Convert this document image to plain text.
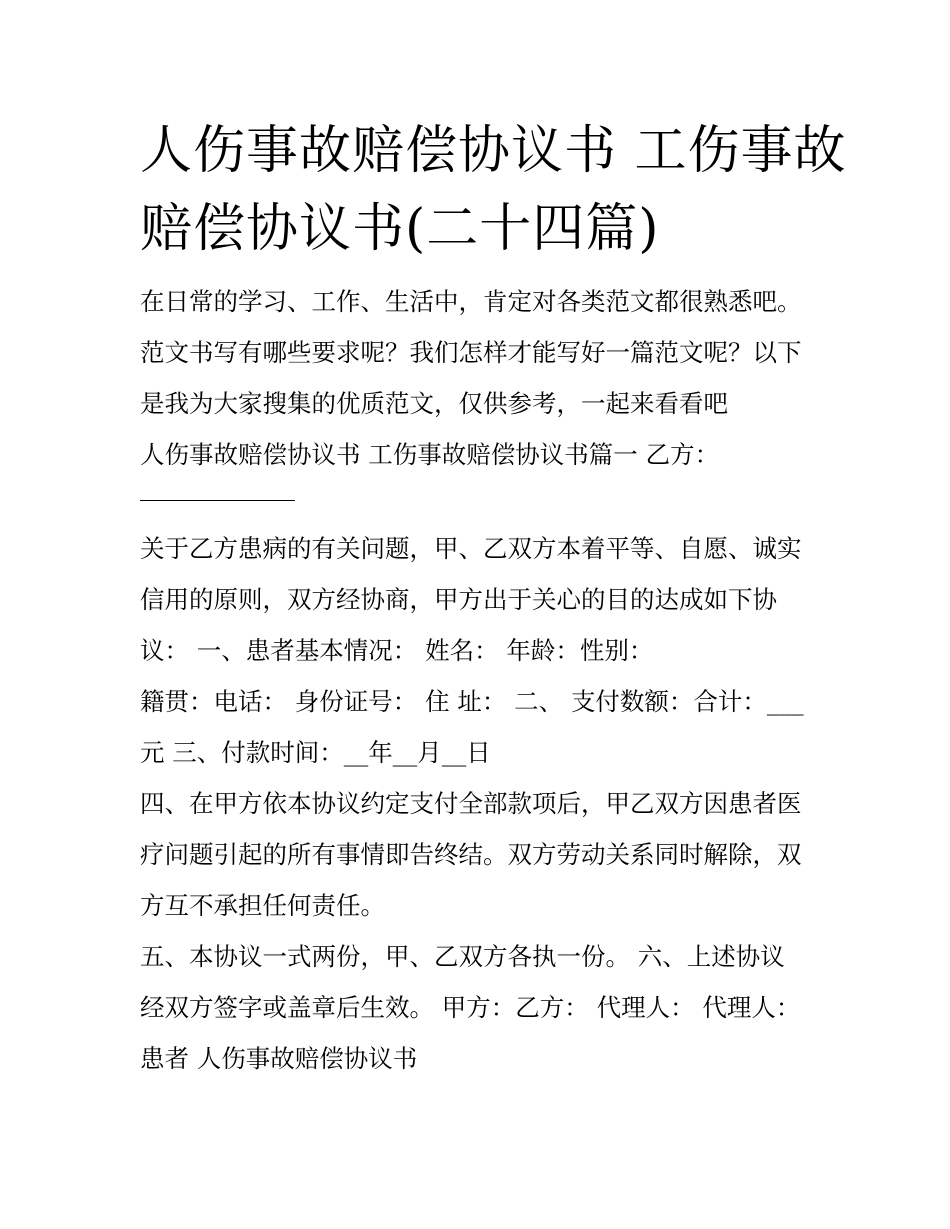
人伤事故赔偿协议书 工伤事故
赔偿协议书(二十四篇)
在日常的学习、工作、生活中，肯定对各类范文都很熟悉吧。
范文书写有哪些要求呢？我们怎样才能写好一篇范文呢？以下
是我为大家搜集的优质范文，仅供参考，一起来看看吧
人伤事故赔偿协议书 工伤事故赔偿协议书篇一 乙方：
关于乙方患病的有关问题，甲、乙双方本着平等、自愿、诚实
信用的原则，双方经协商，甲方出于关心的目的达成如下协
议： 一、患者基本情况： 姓名： 年龄：性别：
籍贯：电话： 身份证号： 住 址： 二、 支付数额：合计：___
元 三、付款时间：__年__月__日
四、在甲方依本协议约定支付全部款项后，甲乙双方因患者医
疗问题引起的所有事情即告终结。双方劳动关系同时解除，双
方互不承担任何责任。
五、本协议一式两份，甲、乙双方各执一份。 六、上述协议
经双方签字或盖章后生效。 甲方：乙方： 代理人： 代理人：
患者 人伤事故赔偿协议书
